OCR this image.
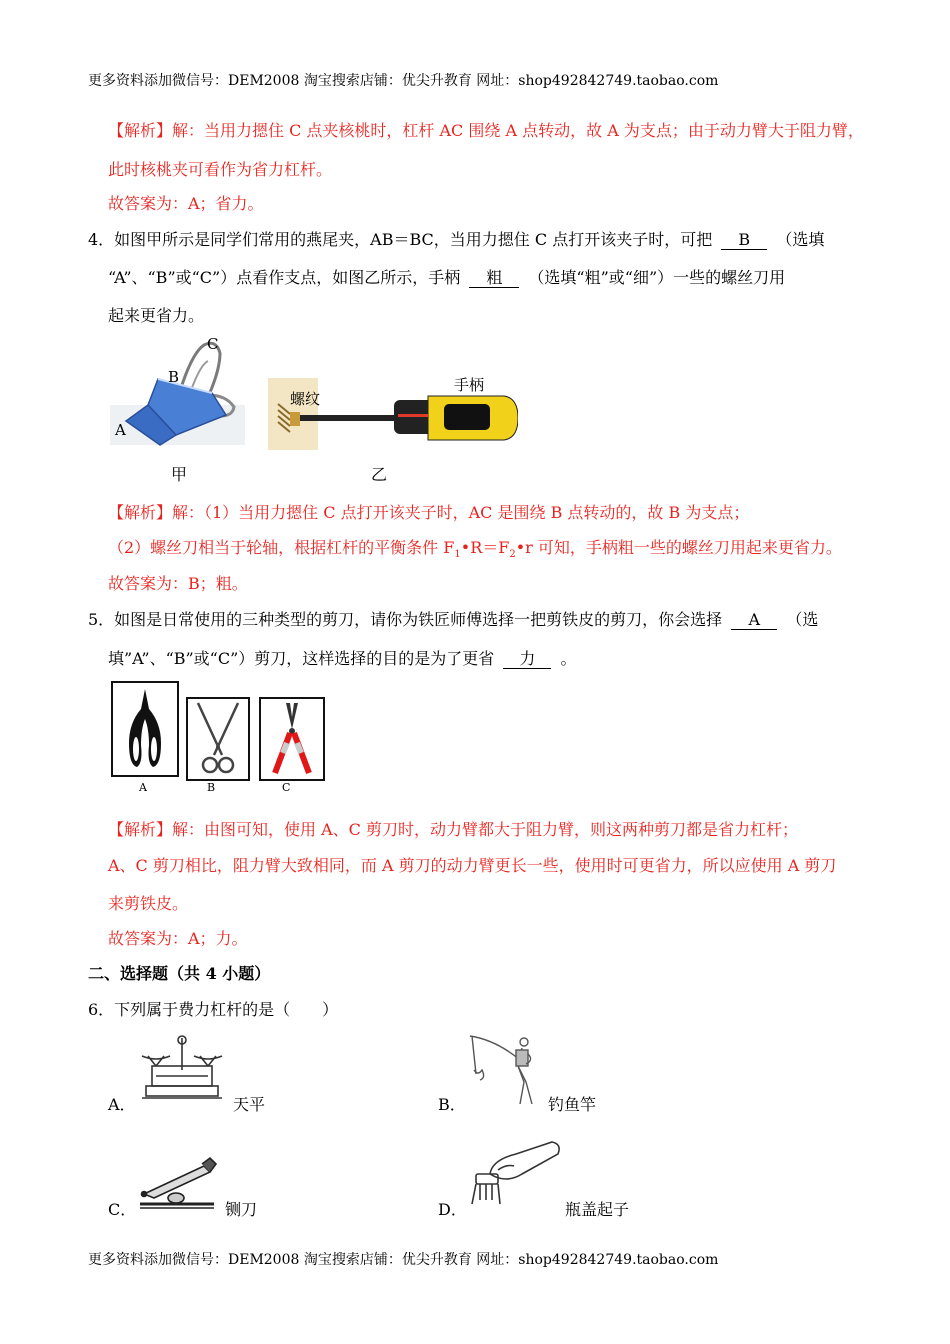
更多资料添加微信号：DEM2008 淘宝搜索店铺：优尖升教育 网址：shop492842749.taobao.com
【解析】解：当用力摁住 C 点夹核桃时，杠杆 AC 围绕 A 点转动，故 A 为支点；由于动力臂大于阻力臂，
此时核桃夹可看作为省力杠杆。
故答案为：A；省力。
4．如图甲所示是同学们常用的燕尾夹，AB＝BC，当用力摁住 C 点打开该夹子时，可把 B （选填
“A”、“B”或“C”）点看作支点，如图乙所示，手柄 粗 （选填“粗”或“细”）一些的螺丝刀用
起来更省力。
A
B
C
甲
螺纹
手柄
乙
【解析】解：（1）当用力摁住 C 点打开该夹子时，AC 是围绕 B 点转动的，故 B 为支点；
（2）螺丝刀相当于轮轴，根据杠杆的平衡条件 $F_1•R=F_2•r$ 可知，手柄粗一些的螺丝刀用起来更省力。
故答案为：B；粗。
5．如图是日常使用的三种类型的剪刀，请你为铁匠师傅选择一把剪铁皮的剪刀，你会选择 A （选
填”A”、“B”或“C”）剪刀，这样选择的目的是为了更省 力 。
A	B	C
【解析】解：由图可知，使用 A、C 剪刀时，动力臂都大于阻力臂，则这两种剪刀都是省力杠杆；
A、C 剪刀相比，阻力臂大致相同，而 A 剪刀的动力臂更长一些，使用时可更省力，所以应使用 A 剪刀
来剪铁皮。
故答案为：A；力。
二、选择题（共 4 小题）
6．下列属于费力杠杆的是（　　）
A．	天平	B．	钓鱼竿
C．	铡刀	D．	瓶盖起子
更多资料添加微信号：DEM2008 淘宝搜索店铺：优尖升教育 网址：shop492842749.taobao.com
